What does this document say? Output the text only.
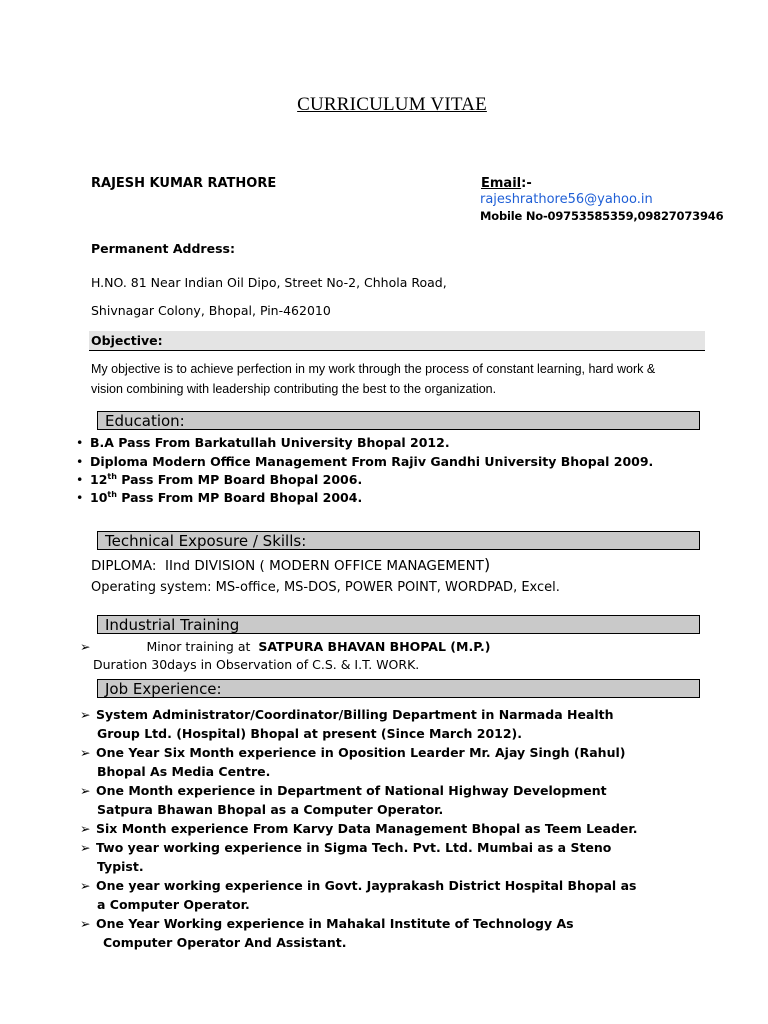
CURRICULUM VITAE
RAJESH KUMAR RATHORE	Email:-
rajeshrathore56@yahoo.in
Mobile No-09753585359,09827073946
Permanent Address:
H.NO. 81 Near Indian Oil Dipo, Street No-2, Chhola Road,
Shivnagar Colony, Bhopal, Pin-462010
Objective:
My objective is to achieve perfection in my work through the process of constant learning, hard work &
vision combining with leadership contributing the best to the organization.
Education:
• B.A Pass From Barkatullah University Bhopal 2012.
• Diploma Modern Office Management From Rajiv Gandhi University Bhopal 2009.
• 12th Pass From MP Board Bhopal 2006.
• 10th Pass From MP Board Bhopal 2004.
Technical Exposure / Skills:
DIPLOMA: IInd DIVISION ( MODERN OFFICE MANAGEMENT)
Operating system: MS-office, MS-DOS, POWER POINT, WORDPAD, Excel.
Industrial Training
➢	Minor training at SATPURA BHAVAN BHOPAL (M.P.)
Duration 30days in Observation of C.S. & I.T. WORK.
Job Experience:
➢ System Administrator/Coordinator/Billing Department in Narmada Health
Group Ltd. (Hospital) Bhopal at present (Since March 2012).
➢ One Year Six Month experience in Oposition Learder Mr. Ajay Singh (Rahul)
Bhopal As Media Centre.
➢ One Month experience in Department of National Highway Development
Satpura Bhawan Bhopal as a Computer Operator.
➢ Six Month experience From Karvy Data Management Bhopal as Teem Leader.
➢ Two year working experience in Sigma Tech. Pvt. Ltd. Mumbai as a Steno
Typist.
➢ One year working experience in Govt. Jayprakash District Hospital Bhopal as
a Computer Operator.
➢ One Year Working experience in Mahakal Institute of Technology As
Computer Operator And Assistant.
